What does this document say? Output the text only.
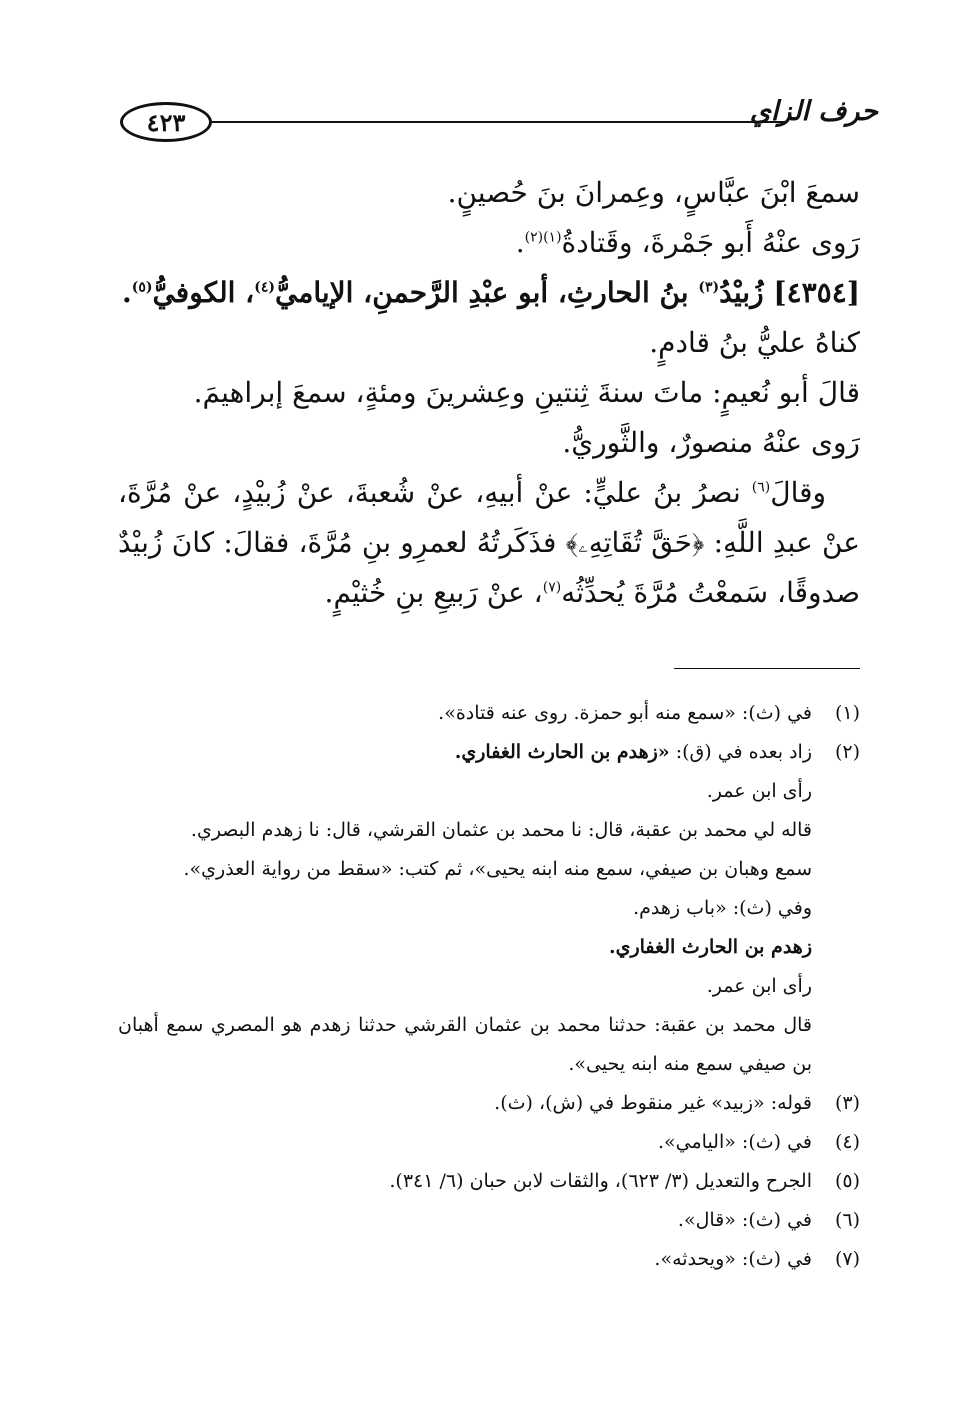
٤٢٣	حرف الزاي

سمعَ ابْنَ عبَّاسٍ، وعِمرانَ بنَ حُصينٍ.

رَوى عنْهُ أَبو جَمْرةَ، وقَتادةُ$^{(١)(٢)}$.

[٤٣٥٤] زُبيْدُ$^{(٣)}$ بنُ الحارثِ، أبو عبْدِ الرَّحمنِ، الإياميُّ$^{(٤)}$، الكوفيُّ$^{(٥)}$.

كناهُ عليُّ بنُ قادمٍ.

قالَ أبو نُعيمٍ: ماتَ سنةَ ثِنتينِ وعِشرينَ ومئةٍ، سمعَ إبراهيمَ.

رَوى عنْهُ منصورٌ، والثَّوريُّ.

وقالَ$^{(٦)}$ نصرُ بنُ عليٍّ: عنْ أبيهِ، عنْ شُعبةَ، عنْ زُبيْدٍ، عنْ مُرَّةَ، عنْ عبدِ اللَّهِ: ﴿حَقَّ تُقَاتِهِۦ﴾ فذَكَرتُهُ لعمرِو بنِ مُرَّةَ، فقالَ: كانَ زُبيْدٌ صدوقًا، سَمعْتُ مُرَّةَ يُحدِّثُه$^{(٧)}$، عنْ رَبيعِ بنِ خُثيْمٍ.

(١)
في (ث): «سمع منه أبو حمزة. روى عنه قتادة».
(٢)
زاد بعده في (ق): «زهدم بن الحارث الغفاري.
رأى ابن عمر.
قاله لي محمد بن عقبة، قال: نا محمد بن عثمان القرشي، قال: نا زهدم البصري.
سمع وهبان بن صيفي، سمع منه ابنه يحيى»، ثم كتب: «سقط من رواية العذري».
وفي (ث): «باب زهدم.
زهدم بن الحارث الغفاري.
رأى ابن عمر.
قال محمد بن عقبة: حدثنا محمد بن عثمان القرشي حدثنا زهدم هو المصري سمع أهبان بن صيفي سمع منه ابنه يحيى».
(٣)
قوله: «زبيد» غير منقوط في (ش)، (ث).
(٤)
في (ث): «اليامي».
(٥)
الجرح والتعديل (٣/ ٦٢٣)، والثقات لابن حبان (٦/ ٣٤١).
(٦)
في (ث): «قال».
(٧)
في (ث): «ويحدثه».
